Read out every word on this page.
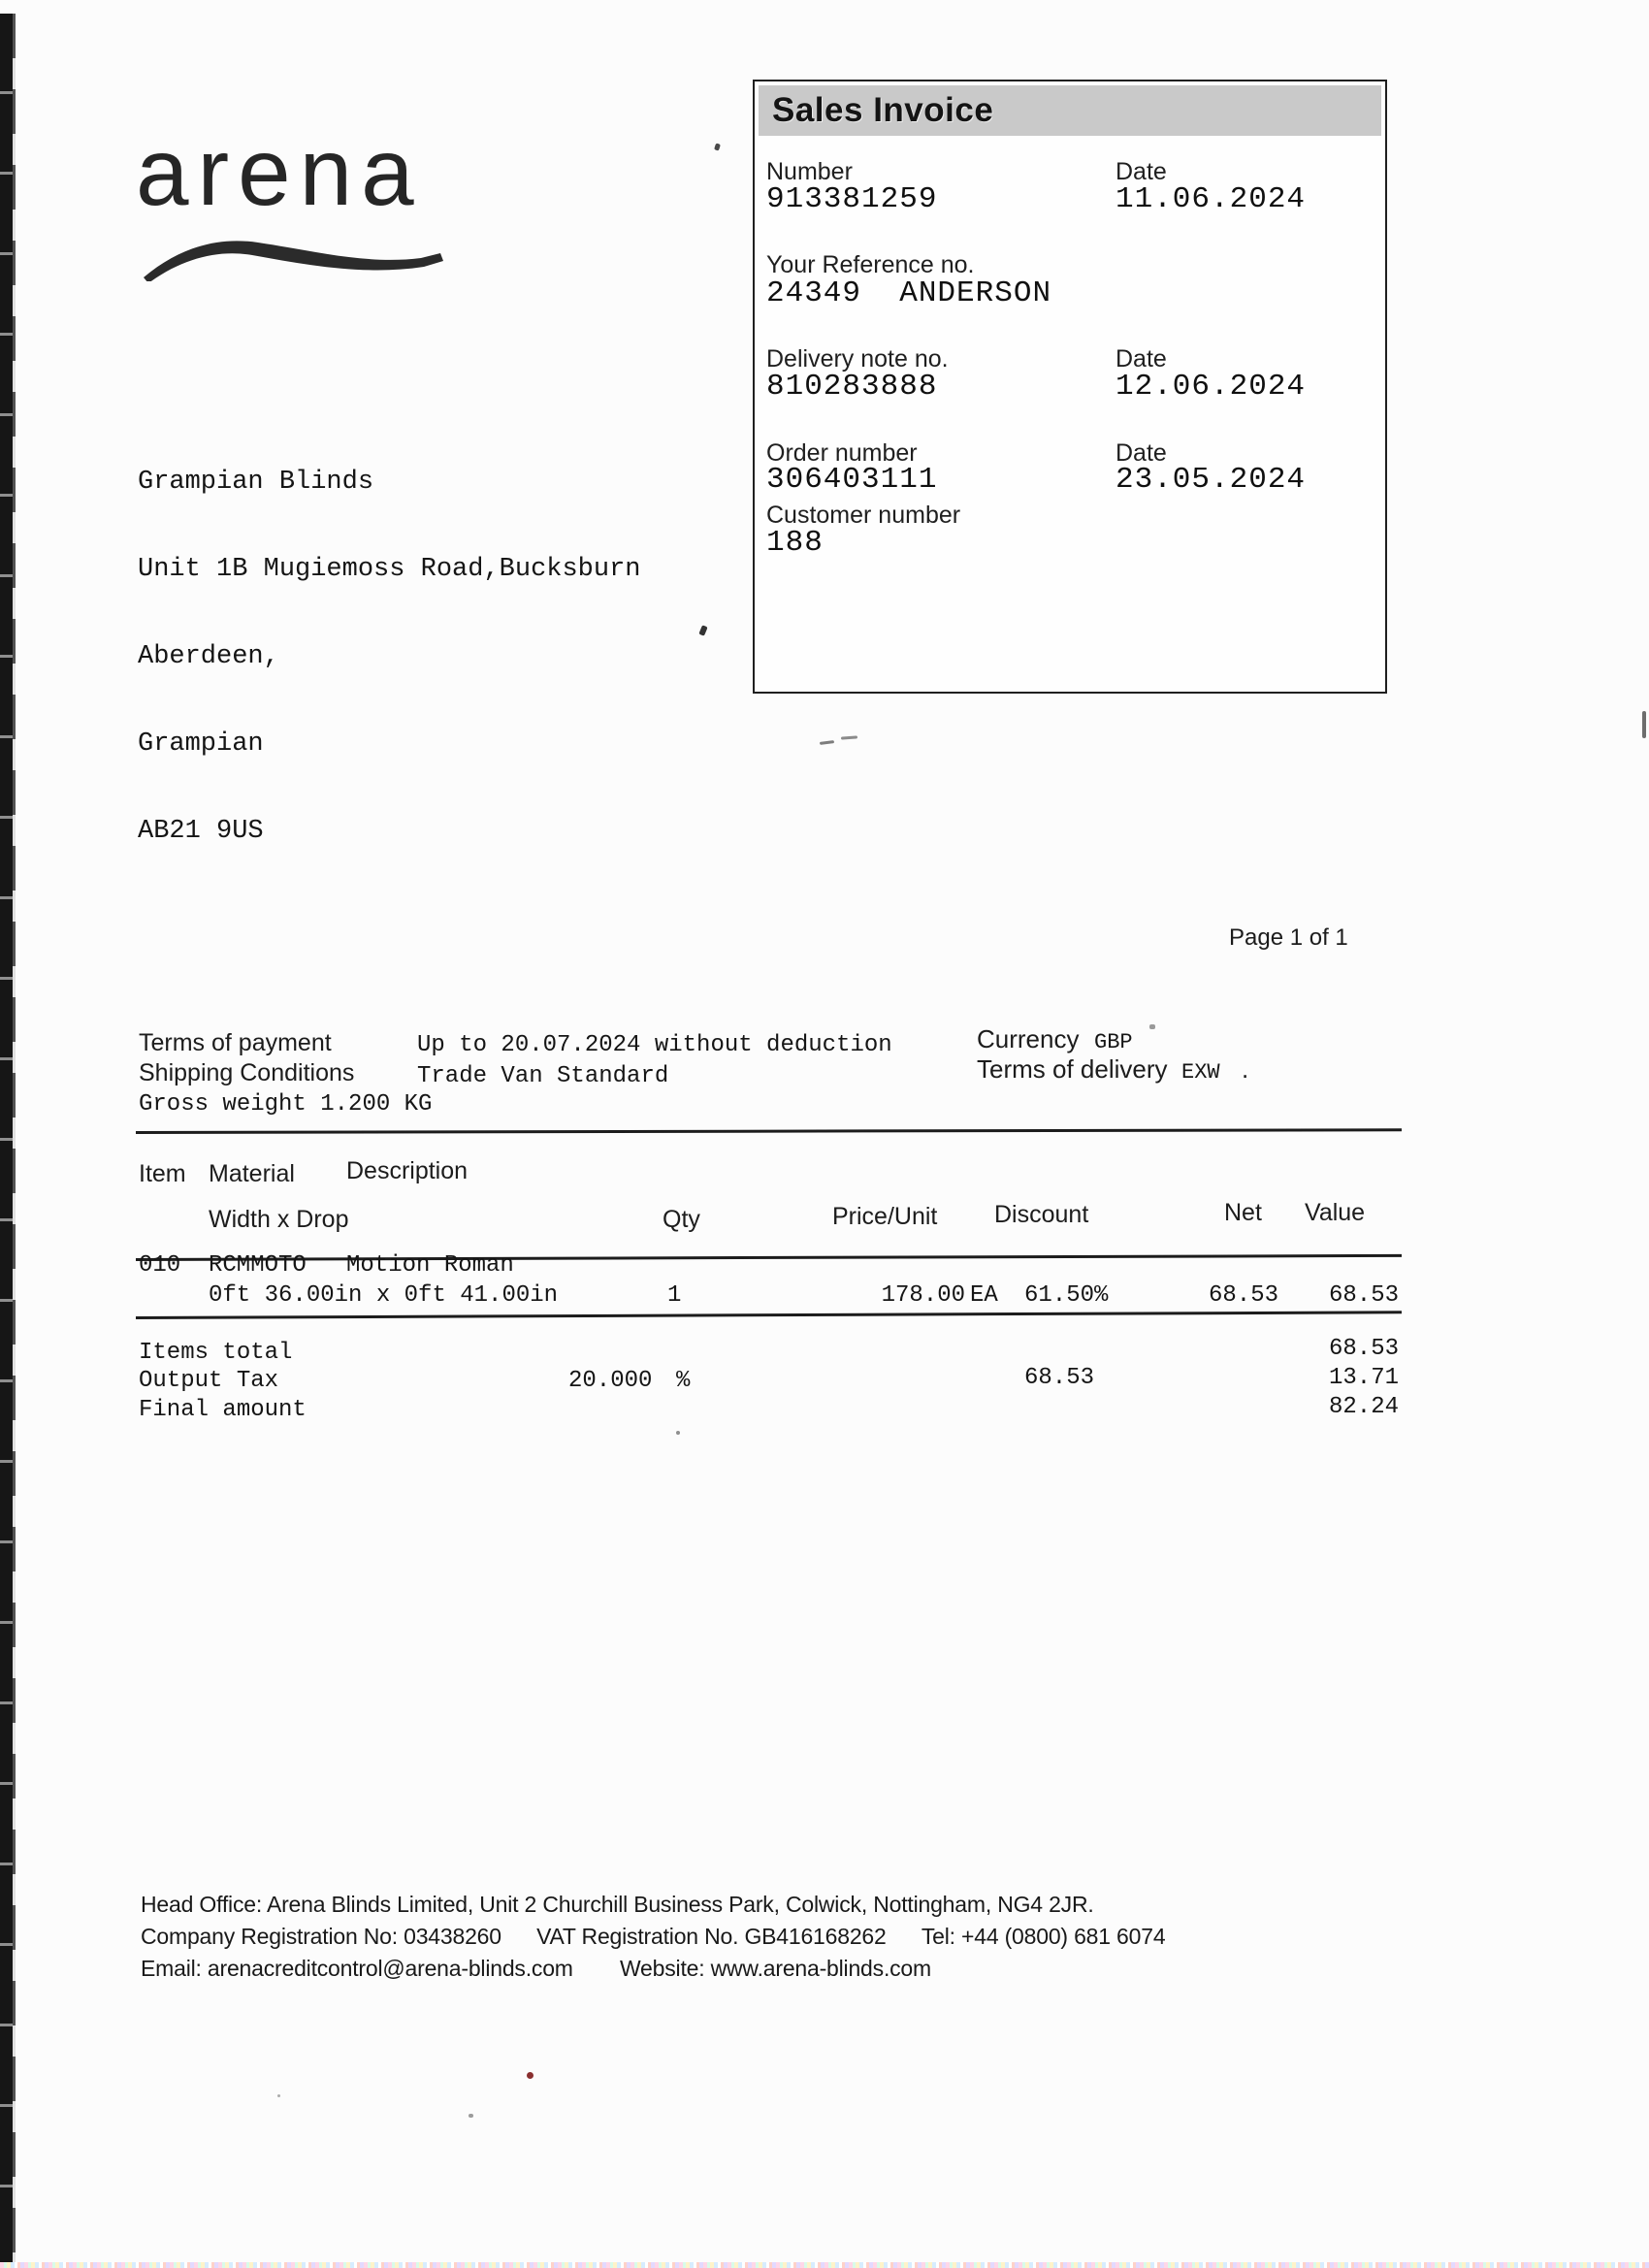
arena

Grampian Blinds

Unit 1B Mugiemoss Road,Bucksburn

Aberdeen,

Grampian

AB21 9US

Sales Invoice
Number
913381259
Date
11.06.2024
Your Reference no.
24349  ANDERSON
Delivery note no.
810283888
Date
12.06.2024
Order number
306403111
Date
23.05.2024
Customer number
188
Page 1 of 1
Terms of payment	Up to 20.07.2024 without deduction
Shipping Conditions	Trade Van Standard
Gross weight 1.200 KG
Currency GBP
Terms of delivery EXW .
Item Material Description
Width x Drop	Qty	Price/Unit Discount	Net Value
010 RCMMOTO Motion Roman
0ft 36.00in x 0ft 41.00in	1	178.00 EA 61.50%	68.53	68.53
Items total	68.53
Output Tax	20.000 %	68.53	13.71
Final amount	82.24
Head Office: Arena Blinds Limited, Unit 2 Churchill Business Park, Colwick, Nottingham, NG4 2JR.
Company Registration No: 03438260 VAT Registration No. GB416168262 Tel: +44 (0800) 681 6074
Email: arenacreditcontrol@arena-blinds.com Website: www.arena-blinds.com
